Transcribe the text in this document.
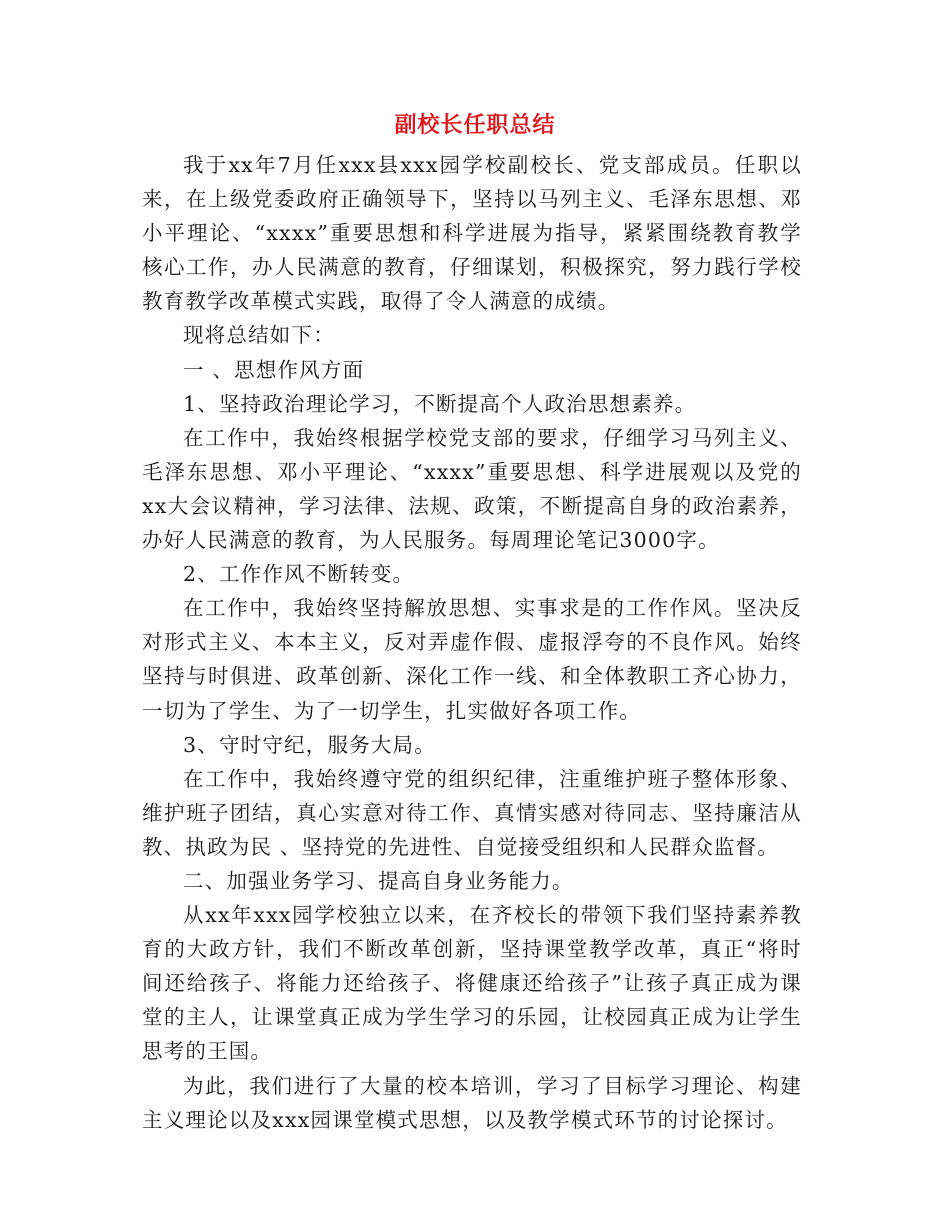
副校长任职总结
我于xx年7月任xxx县xxx园学校副校长、党支部成员。任职以
来，在上级党委政府正确领导下，坚持以马列主义、毛泽东思想、邓
小平理论、“xxxx”重要思想和科学进展为指导，紧紧围绕教育教学
核心工作，办人民满意的教育，仔细谋划，积极探究，努力践行学校
教育教学改革模式实践，取得了令人满意的成绩。
现将总结如下：
一 、思想作风方面
1、坚持政治理论学习，不断提高个人政治思想素养。
在工作中，我始终根据学校党支部的要求，仔细学习马列主义、
毛泽东思想、邓小平理论、“xxxx”重要思想、科学进展观以及党的
xx大会议精神，学习法律、法规、政策，不断提高自身的政治素养，
办好人民满意的教育，为人民服务。每周理论笔记3000字。
2、工作作风不断转变。
在工作中，我始终坚持解放思想、实事求是的工作作风。坚决反
对形式主义、本本主义，反对弄虚作假、虚报浮夸的不良作风。始终
坚持与时俱进、政革创新、深化工作一线、和全体教职工齐心协力，
一切为了学生、为了一切学生，扎实做好各项工作。
3、守时守纪，服务大局。
在工作中，我始终遵守党的组织纪律，注重维护班子整体形象、
维护班子团结，真心实意对待工作、真情实感对待同志、坚持廉洁从
教、执政为民 、坚持党的先进性、自觉接受组织和人民群众监督。
二、加强业务学习、提高自身业务能力。
从xx年xxx园学校独立以来，在齐校长的带领下我们坚持素养教
育的大政方针，我们不断改革创新，坚持课堂教学改革，真正“将时
间还给孩子、将能力还给孩子、将健康还给孩子”让孩子真正成为课
堂的主人，让课堂真正成为学生学习的乐园，让校园真正成为让学生
思考的王国。
为此，我们进行了大量的校本培训，学习了目标学习理论、构建
主义理论以及xxx园课堂模式思想，以及教学模式环节的讨论探讨。
